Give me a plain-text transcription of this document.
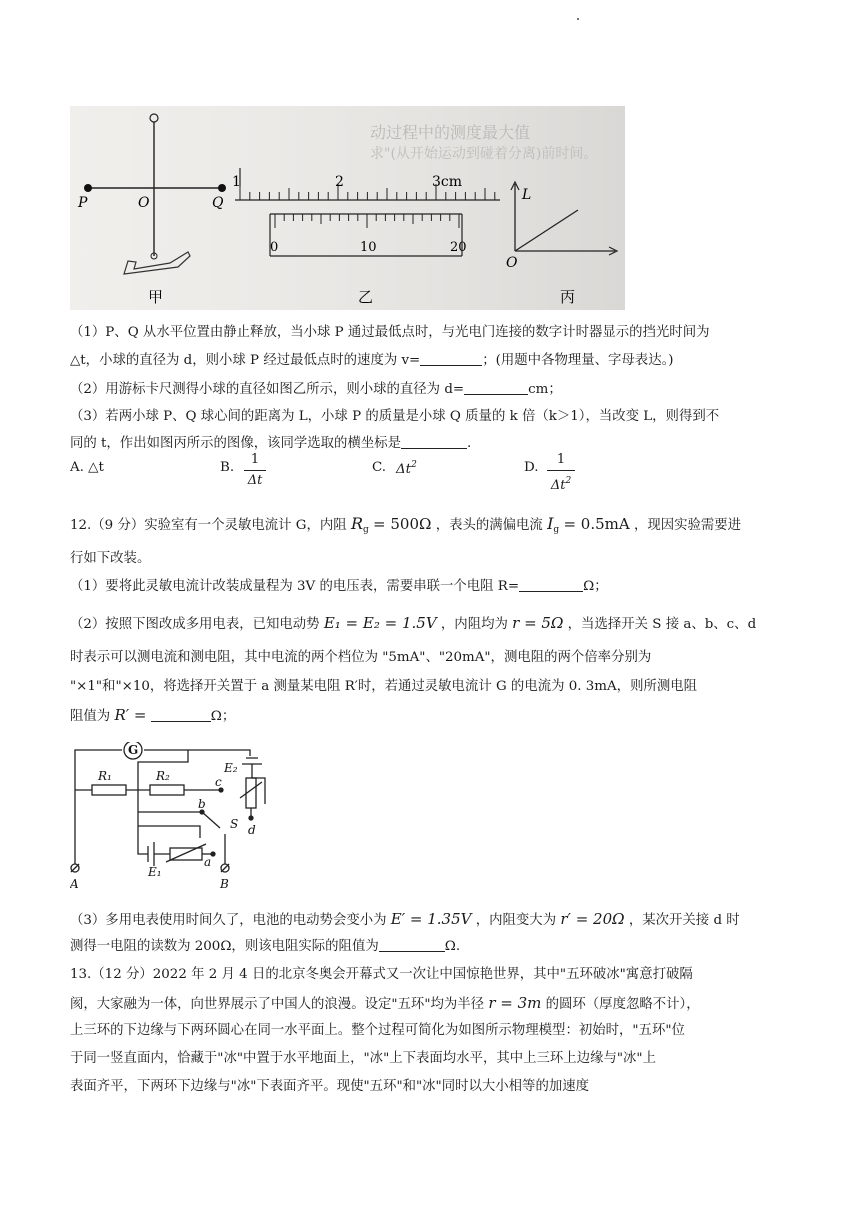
动过程中的测度最大值
求"(从开始运动到碰着分离)前时间。
P	O	Q
甲
1	2	3cm
0	10	20
乙
L
O
丙
（1）P、Q 从水平位置由静止释放，当小球 P 通过最低点时，与光电门连接的数字计时器显示的挡光时间为
△t，小球的直径为 d，则小球 P 经过最低点时的速度为 v=	；(用题中各物理量、字母表达。)
（2）用游标卡尺测得小球的直径如图乙所示，则小球的直径为 d=	cm；
（3）若两小球 P、Q 球心间的距离为 L，小球 P 的质量是小球 Q 质量的 k 倍（k＞1），当改变 L，则得到不
同的 t，作出如图丙所示的图像，该同学选取的横坐标是	.
A. △t	B.
1
Δt
C. $\Delta t^2$	D.
1
$\Delta t^2$
12.（9 分）实验室有一个灵敏电流计 G，内阻 $R_g = 500\Omega$ ，表头的满偏电流 $I_g = 0.5mA$ ，现因实验需要进
行如下改装。
（1）要将此灵敏电流计改装成量程为 3V 的电压表，需要串联一个电阻 R=	Ω；
（2）按照下图改成多用电表，已知电动势 E₁ = E₂ = 1.5V ，内阻均为 r = 5Ω ，当选择开关 S 接 a、b、c、d
时表示可以测电流和测电阻，其中电流的两个档位为 "5mA"、"20mA"，测电阻的两个倍率分别为
"×1"和"×10，将选择开关置于 a 测量某电阻 R′时，若通过灵敏电流计 G 的电流为 0. 3mA，则所测电阻
阻值为 R′ =	Ω；
G
R₁	R₂
E₂
c
b
S d
a
E₁
A	B
（3）多用电表使用时间久了，电池的电动势会变小为 E′ = 1.35V ，内阻变大为 r′ = 20Ω ，某次开关接 d 时
测得一电阻的读数为 200Ω，则该电阻实际的阻值为	Ω.
13.（12 分）2022 年 2 月 4 日的北京冬奥会开幕式又一次让中国惊艳世界，其中"五环破冰"寓意打破隔
阂，大家融为一体，向世界展示了中国人的浪漫。设定"五环"均为半径 r = 3m 的圆环（厚度忽略不计），
上三环的下边缘与下两环圆心在同一水平面上。整个过程可简化为如图所示物理模型：初始时，"五环"位
于同一竖直面内，恰藏于"冰"中置于水平地面上，"冰"上下表面均水平，其中上三环上边缘与"冰"上
表面齐平，下两环下边缘与"冰"下表面齐平。现使"五环"和"冰"同时以大小相等的加速度
